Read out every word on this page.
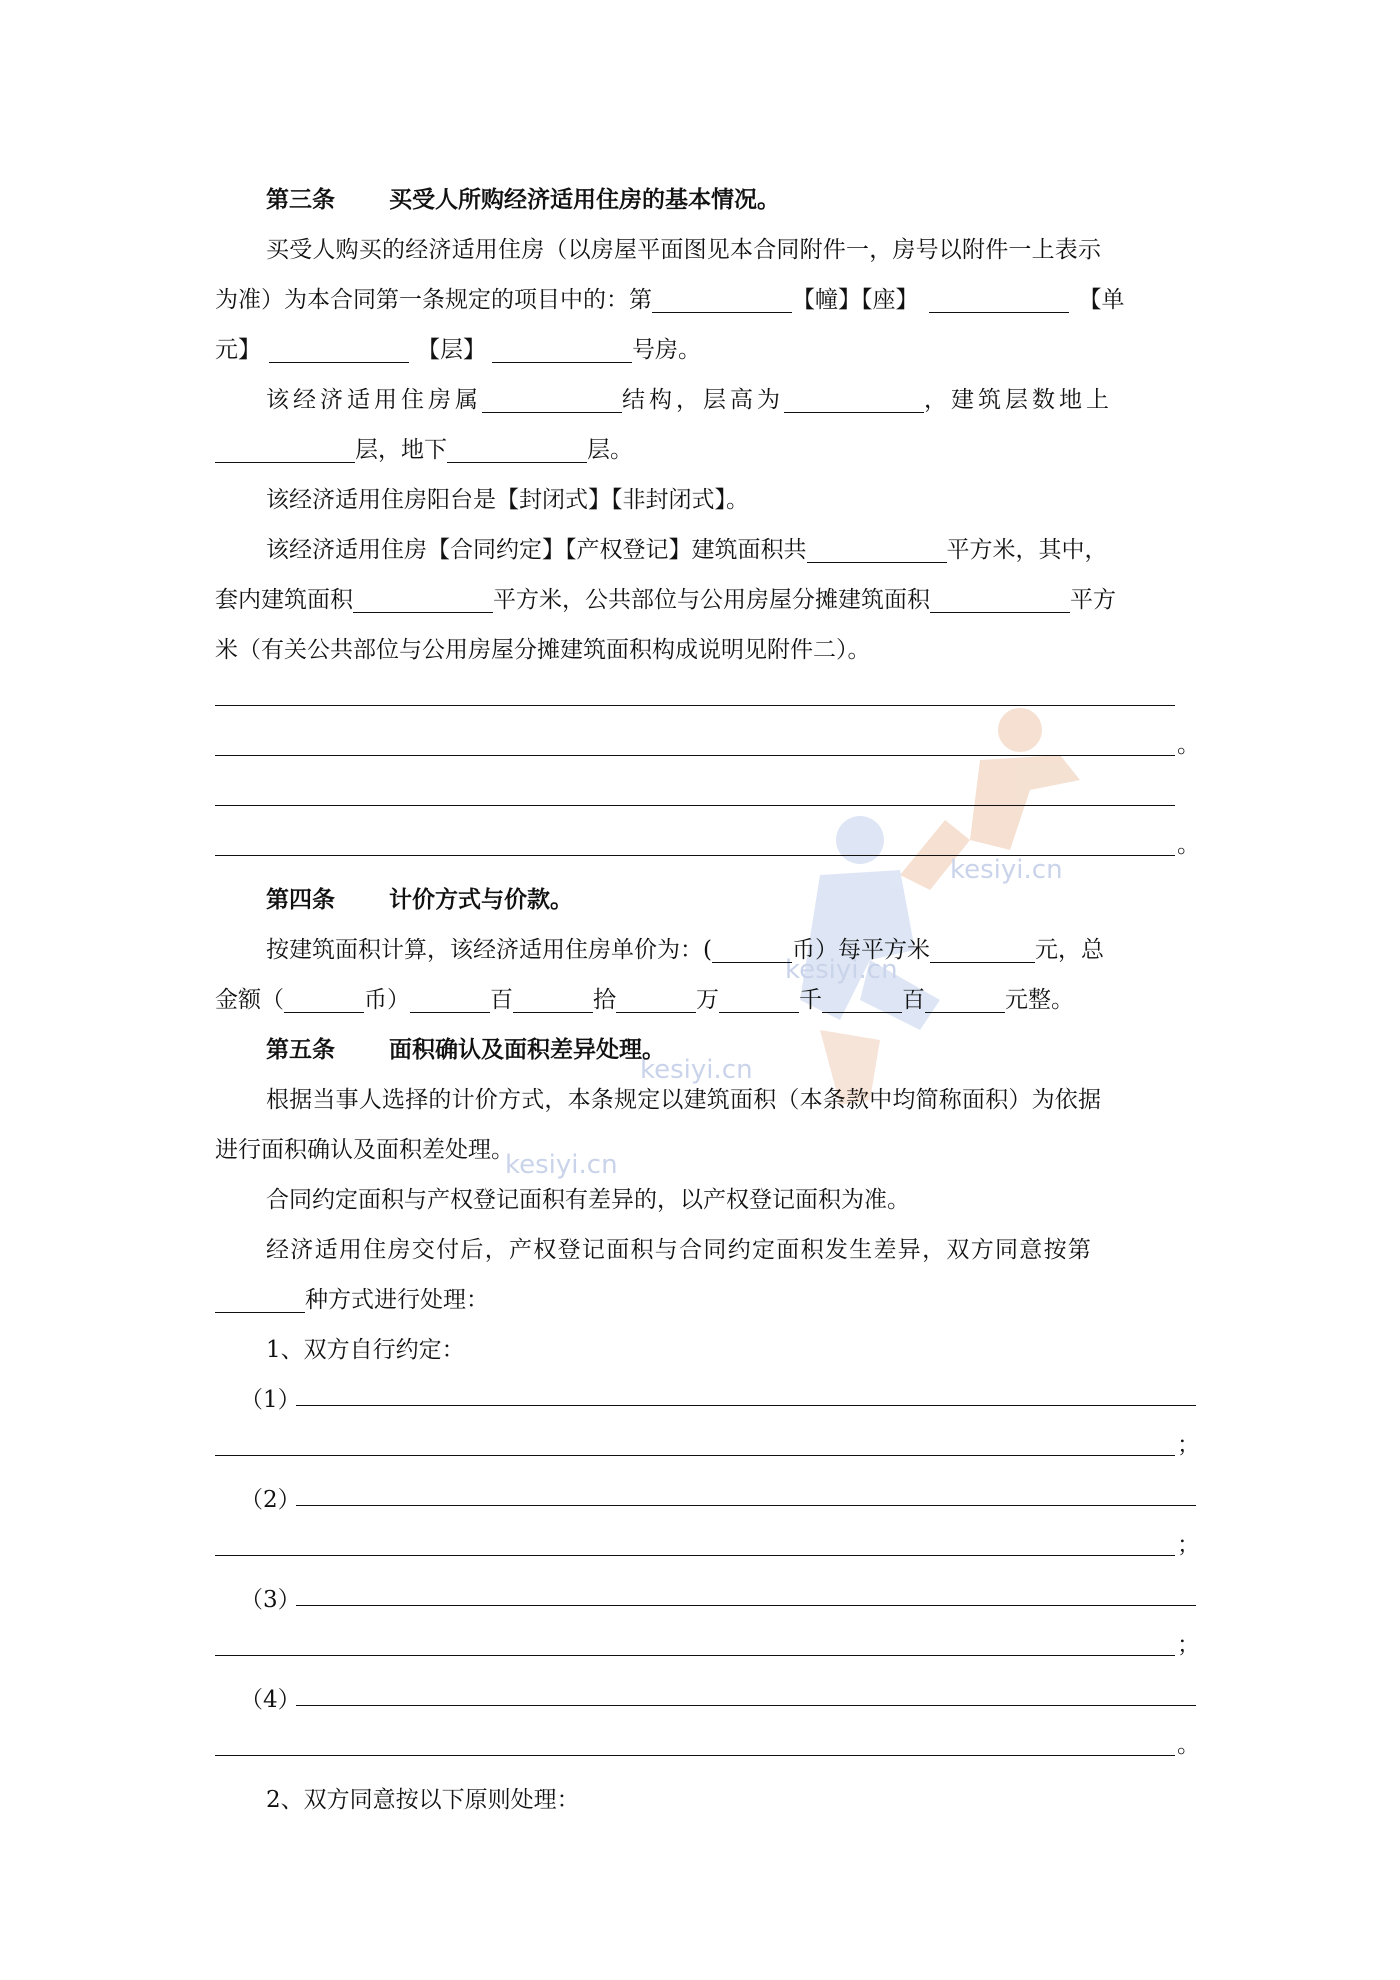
kesiyi.cn
kesiyi.cn
kesiyi.cn
kesiyi.cn
第三条 买受人所购经济适用住房的基本情况。
买受人购买的经济适用住房（以房屋平面图见本合同附件一，房号以附件一上表示
为准）为本合同第一条规定的项目中的：第	【幢】【座】	【单
元】	【层】	号房。
该经济适用住房属	结构，层高为	，建筑层数地上
层，地下	层。
该经济适用住房阳台是【封闭式】【非封闭式】。
该经济适用住房【合同约定】【产权登记】建筑面积共	平方米，其中，
套内建筑面积	平方米，公共部位与公用房屋分摊建筑面积	平方
米（有关公共部位与公用房屋分摊建筑面积构成说明见附件二）。
。
。
第四条 计价方式与价款。
按建筑面积计算，该经济适用住房单价为：(	币）每平方米	元，总
金额（	币）	百	拾	万	千	百	元整。
第五条 面积确认及面积差异处理。
根据当事人选择的计价方式，本条规定以建筑面积（本条款中均简称面积）为依据
进行面积确认及面积差处理。
合同约定面积与产权登记面积有差异的，以产权登记面积为准。
经济适用住房交付后，产权登记面积与合同约定面积发生差异，双方同意按第
种方式进行处理：
1、双方自行约定：
（1）
；
（2）
；
（3）
；
（4）
。
2、双方同意按以下原则处理：
